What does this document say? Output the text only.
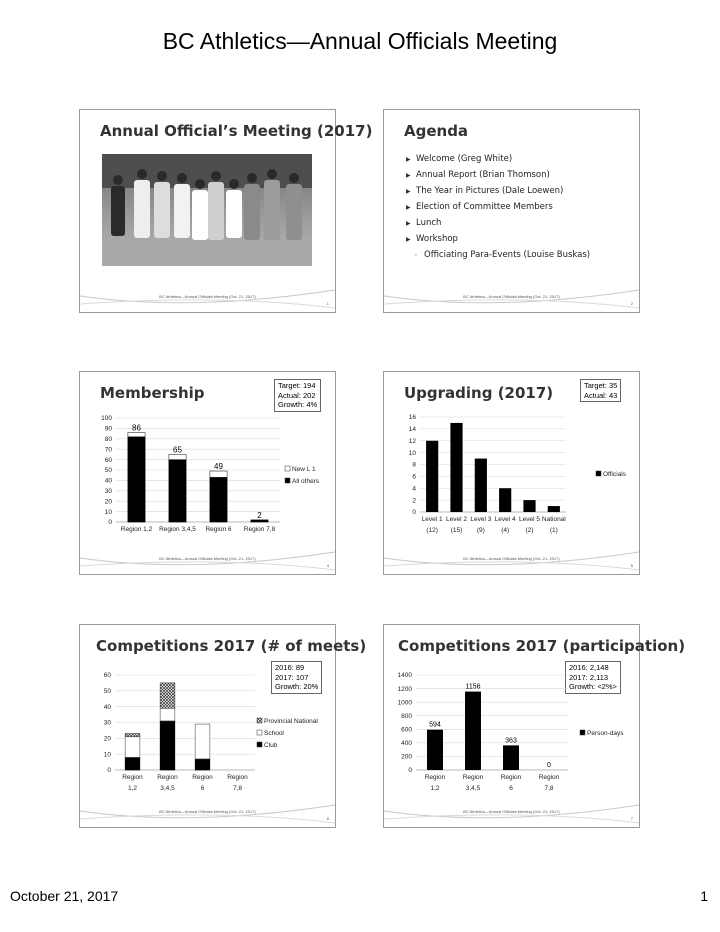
BC Athletics—Annual Officials Meeting
Annual Official’s Meeting (2017)
BC Athletics—Annual Officials Meeting (Oct. 21, 2017)
1
Agenda
▶ Welcome (Greg White)
▶ Annual Report (Brian Thomson)
▶ The Year in Pictures (Dale Loewen)
▶ Election of Committee Members
▶ Lunch
▶ Workshop
◦ Officiating Para-Events (Louise Buskas)
BC Athletics—Annual Officials Meeting (Oct. 21, 2017)
2
Membership	Target: 194
Actual: 202
Growth: 4%
0
10
20
30
40
50
60
70
80
90
100
86
Region 1,2
65
Region 3,4,5
49
Region 6
2
Region 7,8
New L 1
All others
BC Athletics—Annual Officials Meeting (Oct. 21, 2017)
4
Upgrading (2017)	Target: 35
Actual: 43
0
2
4
6
8
10
12
14
16
Level 1
(12)
Level 2
(15)
Level 3
(9)
Level 4
(4)
Level 5
(2)
National
(1)
Officials
BC Athletics—Annual Officials Meeting (Oct. 21, 2017)
5
Competitions 2017 (# of meets)
2016: 89
2017: 107
Growth: 20%
0
10
20
30
40
50
60
Region
1,2
Region
3,4,5
Region
6
Region
7,8
Provincial National
School
Club
BC Athletics—Annual Officials Meeting (Oct. 21, 2017)
6
Competitions 2017 (participation)
2016: 2,148
2017: 2,113
Growth: <2%>
0
200
400
600
800
1000
1200
1400
594
Region
1,2
1156
Region
3,4,5
363
Region
6
0
Region
7,8
Person-days
BC Athletics—Annual Officials Meeting (Oct. 21, 2017)
7
October 21, 2017	1
